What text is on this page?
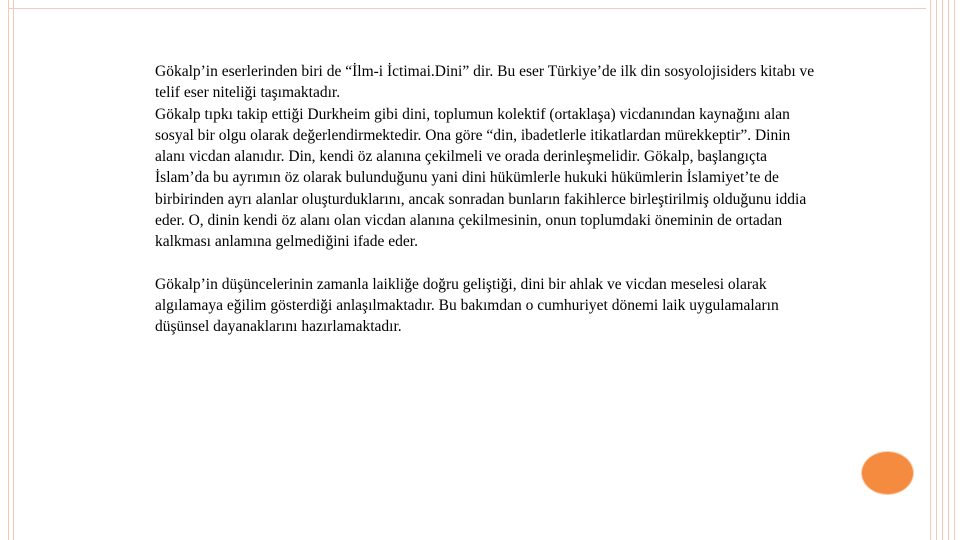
Gökalp’in eserlerinden biri de “İlm-i İctimai.Dini” dir. Bu eser Türkiye’de ilk din sosyolojisiders kitabı ve telif eser niteliği taşımaktadır.

Gökalp tıpkı takip ettiği Durkheim gibi dini, toplumun kolektif (ortaklaşa) vicdanından kaynağını alan sosyal bir olgu olarak değerlendirmektedir. Ona göre “din, ibadetlerle itikatlardan mürekkeptir”. Dinin alanı vicdan alanıdır. Din, kendi öz alanına çekilmeli ve orada derinleşmelidir. Gökalp, başlangıçta İslam’da bu ayrımın öz olarak bulunduğunu yani dini hükümlerle hukuki hükümlerin İslamiyet’te de birbirinden ayrı alanlar oluşturduklarını, ancak sonradan bunların fakihlerce birleştirilmiş olduğunu iddia eder. O, dinin kendi öz alanı olan vicdan alanına çekilmesinin, onun toplumdaki öneminin de ortadan kalkması anlamına gelmediğini ifade eder.

Gökalp’in düşüncelerinin zamanla laikliğe doğru geliştiği, dini bir ahlak ve vicdan meselesi olarak algılamaya eğilim gösterdiği anlaşılmaktadır. Bu bakımdan o cumhuriyet dönemi laik uygulamaların düşünsel dayanaklarını hazırlamaktadır.
